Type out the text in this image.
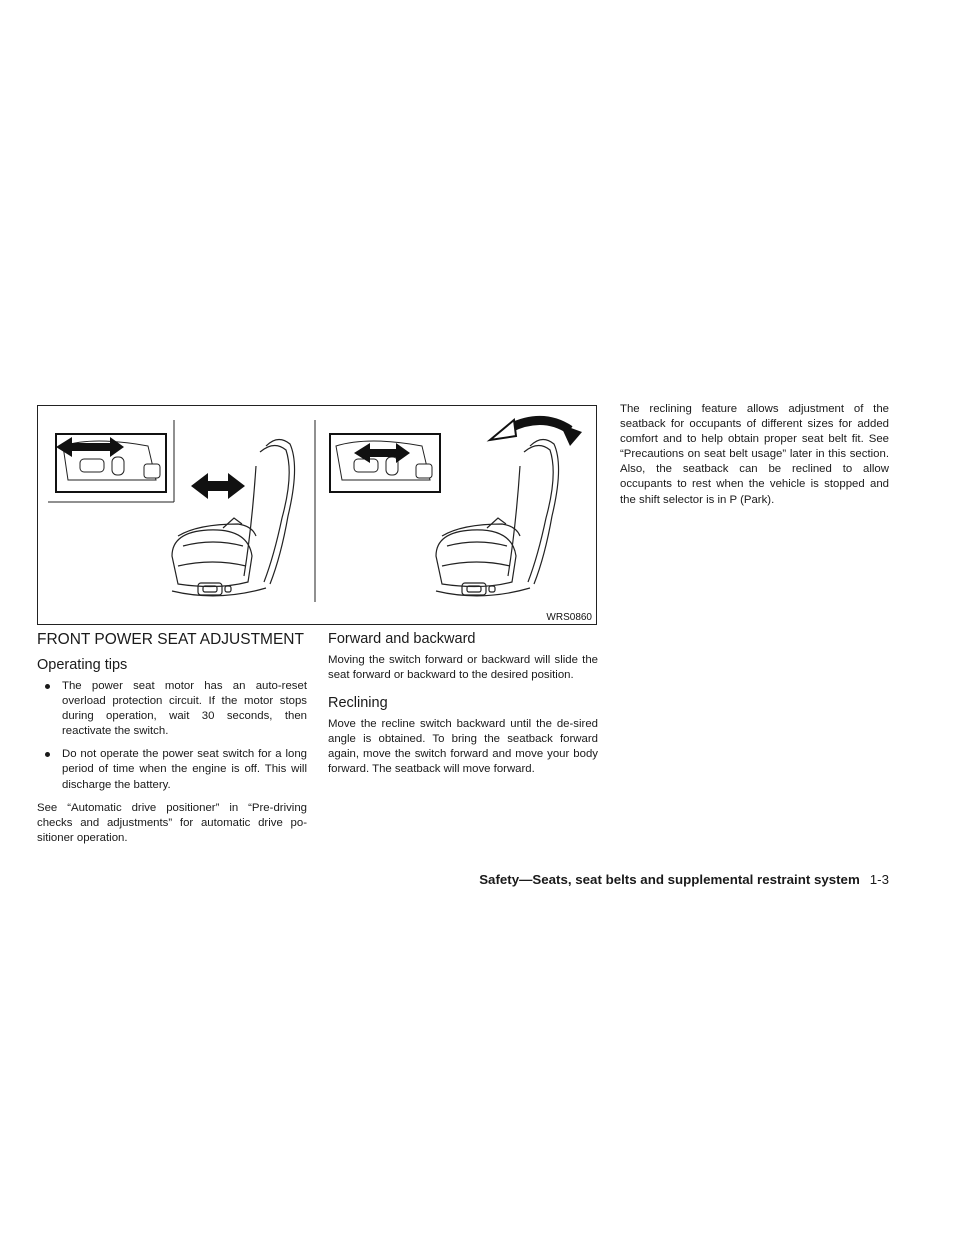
WRS0860
FRONT POWER SEAT ADJUSTMENT
Operating tips
The power seat motor has an auto-reset overload protection circuit. If the motor stops during operation, wait 30 seconds, then reactivate the switch.
Do not operate the power seat switch for a long period of time when the engine is off. This will discharge the battery.

See “Automatic drive positioner” in “Pre-driving checks and adjustments” for automatic drive po-sitioner operation.

Forward and backward

Moving the switch forward or backward will slide the seat forward or backward to the desired position.

Reclining

Move the recline switch backward until the de-sired angle is obtained. To bring the seatback forward again, move the switch forward and move your body forward. The seatback will move forward.

The reclining feature allows adjustment of the seatback for occupants of different sizes for added comfort and to help obtain proper seat belt fit. See “Precautions on seat belt usage” later in this section. Also, the seatback can be reclined to allow occupants to rest when the vehicle is stopped and the shift selector is in P (Park).

Safety—Seats, seat belts and supplemental restraint system 1-3
